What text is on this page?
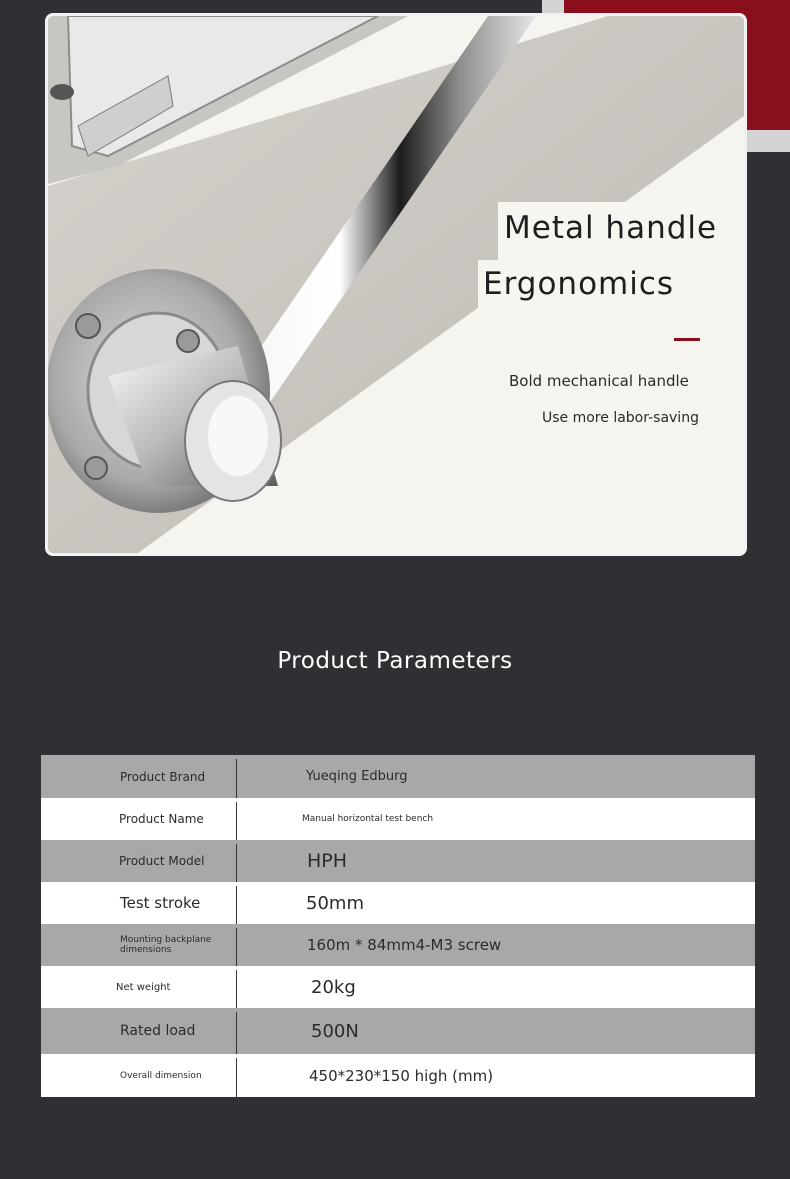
Metal handle
Ergonomics
Bold mechanical handle
Use more labor-saving
Product Parameters
Product Brand	Yueqing Edburg
Product Name	Manual horizontal test bench
Product Model	HPH
Test stroke	50mm
Mounting backplane dimensions	160m * 84mm4-M3 screw
Net weight	20kg
Rated load	500N
Overall dimension	450*230*150 high (mm)
